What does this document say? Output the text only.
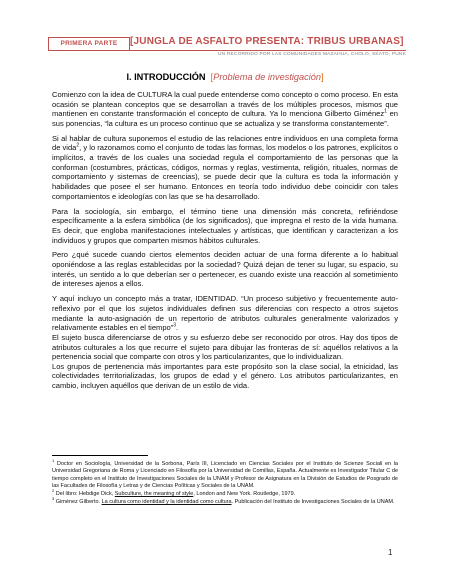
PRIMERA PARTE	[JUNGLA DE ASFALTO PRESENTA: TRIBUS URBANAS]
UN RECORRIDO POR LAS COMUNIDADES MAZAHUA, CHOLO, SKATO, PUNK
I. INTRODUCCIÓN [Problema de investigación]

Comienzo con la idea de CULTURA la cual puede entenderse como concepto o como proceso. En esta ocasión se plantean conceptos que se desarrollan a través de los múltiples procesos, mismos que mantienen en constante transformación el concepto de cultura. Ya lo menciona Gilberto Giménez$^1$ en sus ponencias, “la cultura es un proceso continuo que se actualiza y se transforma constantemente”.

Si al hablar de cultura suponemos el estudio de las relaciones entre individuos en una completa forma de vida$^2$, y lo razonamos como el conjunto de todas las formas, los modelos o los patrones, explícitos o implícitos, a través de los cuales una sociedad regula el comportamiento de las personas que la conforman (costumbres, prácticas, códigos, normas y reglas, vestimenta, religión, rituales, normas de comportamiento y sistemas de creencias), se puede decir que la cultura es toda la información y habilidades que posee el ser humano. Entonces en teoría todo individuo debe coincidir con tales comportamientos e ideologías con las que se ha desarrollado.

Para la sociología, sin embargo, el término tiene una dimensión más concreta, refiriéndose específicamente a la esfera simbólica (de los significados), que impregna el resto de la vida humana. Es decir, que engloba manifestaciones intelectuales y artísticas, que identifican y caracterizan a los individuos y grupos que comparten mismos hábitos culturales.

Pero ¿qué sucede cuando ciertos elementos deciden actuar de una forma diferente a lo habitual oponiéndose a las reglas establecidas por la sociedad? Quizá dejan de tener su lugar, su espacio, su interés, un sentido a lo que deberían ser o pertenecer, es cuando existe una reacción al sometimiento de intereses ajenos a ellos.

Y aquí incluyo un concepto más a tratar, IDENTIDAD. “Un proceso subjetivo y frecuentemente auto-reflexivo por el que los sujetos individuales definen sus diferencias con respecto a otros sujetos mediante la auto-asignación de un repertorio de atributos culturales generalmente valorizados y relativamente estables en el tiempo”$^3$.

El sujeto busca diferenciarse de otros y su esfuerzo debe ser reconocido por otros. Hay dos tipos de atributos culturales a los que recurre el sujeto para dibujar las fronteras de sí: aquéllos relativos a la pertenencia social que comparte con otros y los particularizantes, que lo individualizan.

Los grupos de pertenencia más importantes para este propósito son la clase social, la etnicidad, las colectividades territorializadas, los grupos de edad y el género. Los atributos particularizantes, en cambio, incluyen aquéllos que derivan de un estilo de vida.

$^1$ Doctor en Sociología, Universidad de la Sorbona, París III, Licenciado en Ciencias Sociales por el Instituto de Scienze Sociali en la Universidad Gregoriana de Roma y Licenciado en Filosofía por la Universidad de Comillas, España. Actualmente es Investigador Titular C de tiempo completo en el Instituto de Investigaciones Sociales de la UNAM y Profesor de Asignatura en la División de Estudios de Posgrado de las Facultades de Filosofía y Letras y de Ciencias Políticas y Sociales de la UNAM.

$^2$ Del libro: Hebdige Dick, Subculture, the meaning of style, London and New York. Routledge, 1979.

$^3$ Giménez Gilberto. La cultura como identidad y la identidad como cultura. Publicación del Instituto de Investigaciones Sociales de la UNAM.

1
